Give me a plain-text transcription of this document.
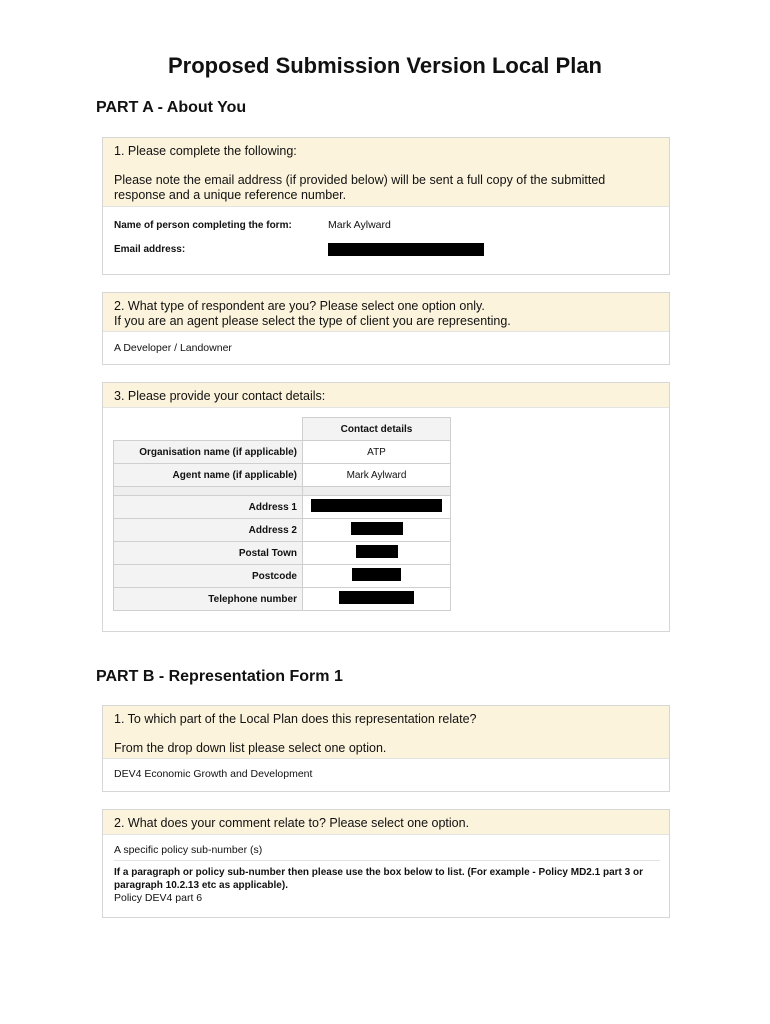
Proposed Submission Version Local Plan
PART A - About You

1. Please complete the following:

Please note the email address (if provided below) will be sent a full copy of the submitted response and a unique reference number.

Name of person completing the form:	Mark Aylward
Email address:

2. What type of respondent are you? Please select one option only.

If you are an agent please select the type of client you are representing.

A Developer / Landowner

3. Please provide your contact details:

	Contact details
Organisation name (if applicable)	ATP
Agent name (if applicable)	Mark Aylward

Address 1	
Address 2	
Postal Town	
Postcode	
Telephone number	
PART B - Representation Form 1

1. To which part of the Local Plan does this representation relate?

From the drop down list please select one option.

DEV4 Economic Growth and Development

2. What does your comment relate to? Please select one option.

A specific policy sub-number (s)
If a paragraph or policy sub-number then please use the box below to list. (For example - Policy MD2.1 part 3 or paragraph 10.2.13 etc as applicable).
Policy DEV4 part 6
